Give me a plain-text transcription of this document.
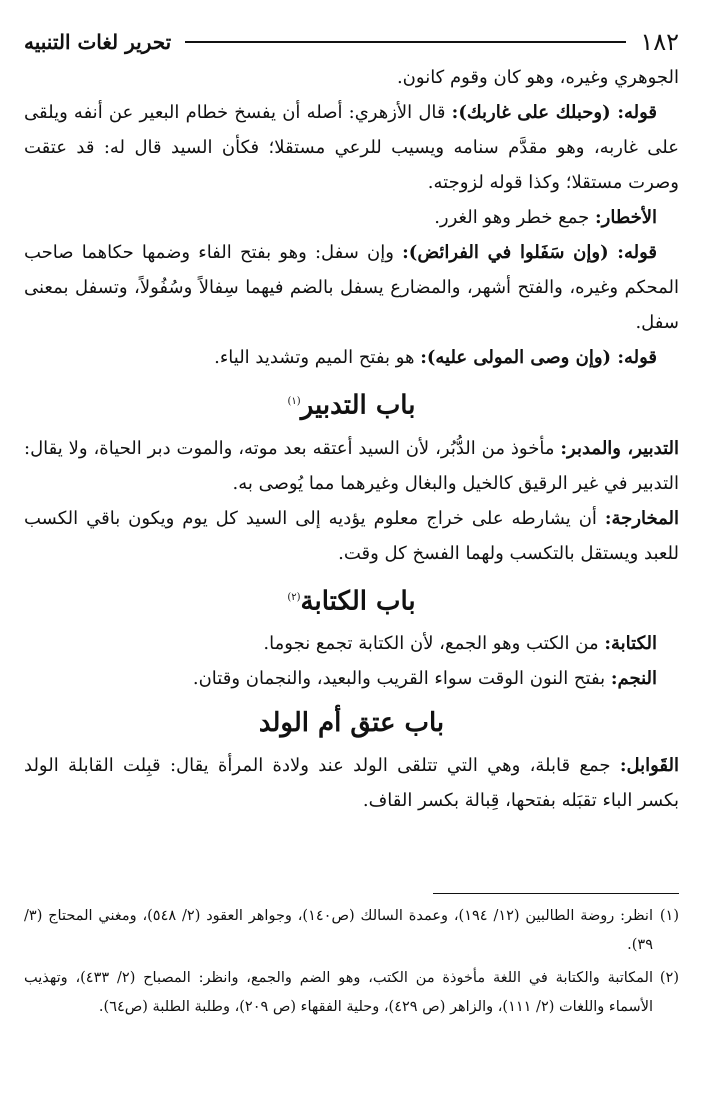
تحرير لغات التنبيه	١٨٢

الجوهري وغيره، وهو كان وقوم كانون.

قوله: (وحبلك على غاربك): قال الأزهري: أصله أن يفسخ خطام البعير عن أنفه ويلقى على غاربه، وهو مقدَّم سنامه ويسيب للرعي مستقلا؛ فكأن السيد قال له: قد عتقت وصرت مستقلا؛ وكذا قوله لزوجته.

الأخطار: جمع خطر وهو الغرر.

قوله: (وإن سَفَلوا في الفرائض): وإن سفل: وهو بفتح الفاء وضمها حكاهما صاحب المحكم وغيره، والفتح أشهر، والمضارع يسفل بالضم فيهما سِفالاً وسُفُولاً، وتسفل بمعنى سفل.

قوله: (وإن وصى المولى عليه): هو بفتح الميم وتشديد الياء.

باب التدبير$^{(١)}$

التدبير، والمدبر: مأخوذ من الدُّبُر، لأن السيد أعتقه بعد موته، والموت دبر الحياة، ولا يقال: التدبير في غير الرقيق كالخيل والبغال وغيرهما مما يُوصى به.

المخارجة: أن يشارطه على خراج معلوم يؤديه إلى السيد كل يوم ويكون باقي الكسب للعبد ويستقل بالتكسب ولهما الفسخ كل وقت.

باب الكتابة$^{(٢)}$

الكتابة: من الكتب وهو الجمع، لأن الكتابة تجمع نجوما.

النجم: بفتح النون الوقت سواء القريب والبعيد، والنجمان وقتان.

باب عتق أم الولد

القَوابل: جمع قابلة، وهي التي تتلقى الولد عند ولادة المرأة يقال: قبِلت القابلة الولد بكسر الباء تقبَله بفتحها، قِبالة بكسر القاف.

(١)
انظر: روضة الطالبين (١٢/ ١٩٤)، وعمدة السالك (ص١٤٠)، وجواهر العقود (٢/ ٥٤٨)، ومغني المحتاج (٣/ ٣٩).

(٢)
المكاتبة والكتابة في اللغة مأخوذة من الكتب، وهو الضم والجمع، وانظر: المصباح (٢/ ٤٣٣)، وتهذيب الأسماء واللغات (٢/ ١١١)، والزاهر (ص ٤٢٩)، وحلية الفقهاء (ص ٢٠٩)، وطلبة الطلبة (ص٦٤).
